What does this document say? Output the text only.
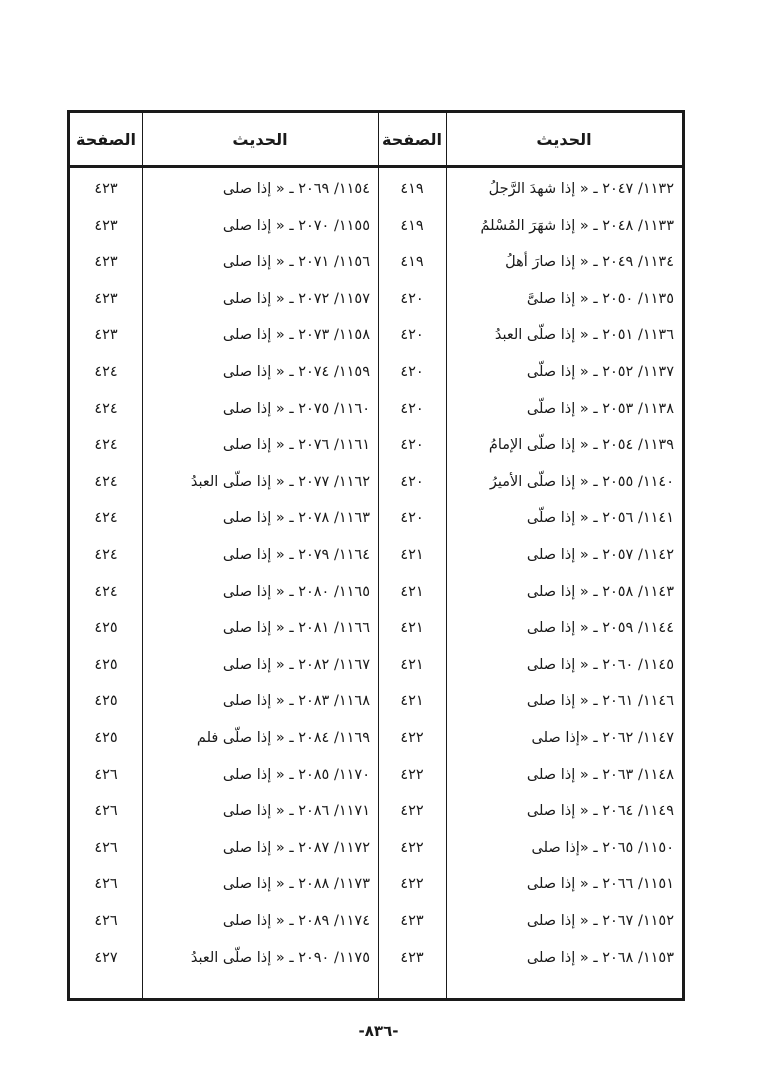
الحديث
الصفحة
الحديث
الصفحة
١١٣٢/ ٢٠٤٧ ـ « إذا شهدَ الرَّجلُ
٤١٩
١١٥٤/ ٢٠٦٩ ـ « إذا صلى
٤٢٣
١١٣٣/ ٢٠٤٨ ـ « إذا شهَرَ المُسْلمُ
٤١٩
١١٥٥/ ٢٠٧٠ ـ « إذا صلى
٤٢٣
١١٣٤/ ٢٠٤٩ ـ « إذا صارَ أهلُ
٤١٩
١١٥٦/ ٢٠٧١ ـ « إذا صلى
٤٢٣
١١٣٥/ ٢٠٥٠ ـ « إذا صلىَّ
٤٢٠
١١٥٧/ ٢٠٧٢ ـ « إذا صلى
٤٢٣
١١٣٦/ ٢٠٥١ ـ « إذا صلّى العبدُ
٤٢٠
١١٥٨/ ٢٠٧٣ ـ « إذا صلى
٤٢٣
١١٣٧/ ٢٠٥٢ ـ « إذا صلّى
٤٢٠
١١٥٩/ ٢٠٧٤ ـ « إذا صلى
٤٢٤
١١٣٨/ ٢٠٥٣ ـ « إذا صلّى
٤٢٠
١١٦٠/ ٢٠٧٥ ـ « إذا صلى
٤٢٤
١١٣٩/ ٢٠٥٤ ـ « إذا صلّى الإمامُ
٤٢٠
١١٦١/ ٢٠٧٦ ـ « إذا صلى
٤٢٤
١١٤٠/ ٢٠٥٥ ـ « إذا صلّى الأميرُ
٤٢٠
١١٦٢/ ٢٠٧٧ ـ « إذا صلّى العبدُ
٤٢٤
١١٤١/ ٢٠٥٦ ـ « إذا صلّى
٤٢٠
١١٦٣/ ٢٠٧٨ ـ « إذا صلى
٤٢٤
١١٤٢/ ٢٠٥٧ ـ « إذا صلى
٤٢١
١١٦٤/ ٢٠٧٩ ـ « إذا صلى
٤٢٤
١١٤٣/ ٢٠٥٨ ـ « إذا صلى
٤٢١
١١٦٥/ ٢٠٨٠ ـ « إذا صلى
٤٢٤
١١٤٤/ ٢٠٥٩ ـ « إذا صلى
٤٢١
١١٦٦/ ٢٠٨١ ـ « إذا صلى
٤٢٥
١١٤٥/ ٢٠٦٠ ـ « إذا صلى
٤٢١
١١٦٧/ ٢٠٨٢ ـ « إذا صلى
٤٢٥
١١٤٦/ ٢٠٦١ ـ « إذا صلى
٤٢١
١١٦٨/ ٢٠٨٣ ـ « إذا صلى
٤٢٥
١١٤٧/ ٢٠٦٢ ـ «إذا صلى
٤٢٢
١١٦٩/ ٢٠٨٤ ـ « إذا صلّى فلم
٤٢٥
١١٤٨/ ٢٠٦٣ ـ « إذا صلى
٤٢٢
١١٧٠/ ٢٠٨٥ ـ « إذا صلى
٤٢٦
١١٤٩/ ٢٠٦٤ ـ « إذا صلى
٤٢٢
١١٧١/ ٢٠٨٦ ـ « إذا صلى
٤٢٦
١١٥٠/ ٢٠٦٥ ـ «إذا صلى
٤٢٢
١١٧٢/ ٢٠٨٧ ـ « إذا صلى
٤٢٦
١١٥١/ ٢٠٦٦ ـ « إذا صلى
٤٢٢
١١٧٣/ ٢٠٨٨ ـ « إذا صلى
٤٢٦
١١٥٢/ ٢٠٦٧ ـ « إذا صلى
٤٢٣
١١٧٤/ ٢٠٨٩ ـ « إذا صلى
٤٢٦
١١٥٣/ ٢٠٦٨ ـ « إذا صلى
٤٢٣
١١٧٥/ ٢٠٩٠ ـ « إذا صلّى العبدُ
٤٢٧
-٨٣٦-
